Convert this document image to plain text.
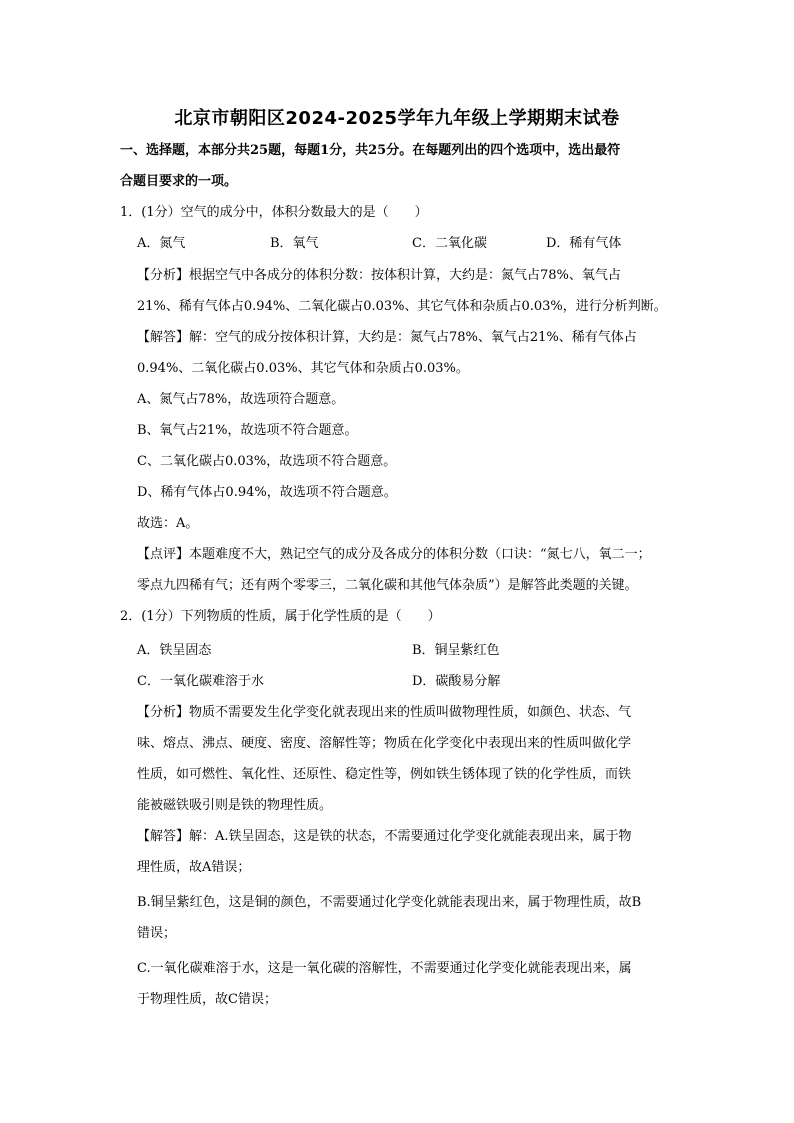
北京市朝阳区2024-2025学年九年级上学期期末试卷
一、选择题，本部分共25题，每题1分，共25分。在每题列出的四个选项中，选出最符
合题目要求的一项。
1．(1分）空气的成分中，体积分数最大的是（　　）
A．氮气	B．氧气	C．二氧化碳	D．稀有气体
【分析】根据空气中各成分的体积分数：按体积计算，大约是：氮气占78%、氧气占
21%、稀有气体占0.94%、二氧化碳占0.03%、其它气体和杂质占0.03%，进行分析判断。
【解答】解：空气的成分按体积计算，大约是：氮气占78%、氧气占21%、稀有气体占
0.94%、二氧化碳占0.03%、其它气体和杂质占0.03%。
A、氮气占78%，故选项符合题意。
B、氧气占21%，故选项不符合题意。
C、二氧化碳占0.03%，故选项不符合题意。
D、稀有气体占0.94%，故选项不符合题意。
故选：A。
【点评】本题难度不大，熟记空气的成分及各成分的体积分数（口诀：“氮七八，氧二一；
零点九四稀有气；还有两个零零三，二氧化碳和其他气体杂质”）是解答此类题的关键。
2．(1分）下列物质的性质，属于化学性质的是（　　）
A．铁呈固态	B．铜呈紫红色
C．一氧化碳难溶于水	D．碳酸易分解
【分析】物质不需要发生化学变化就表现出来的性质叫做物理性质，如颜色、状态、气
味、熔点、沸点、硬度、密度、溶解性等；物质在化学变化中表现出来的性质叫做化学
性质，如可燃性、氧化性、还原性、稳定性等，例如铁生锈体现了铁的化学性质，而铁
能被磁铁吸引则是铁的物理性质。
【解答】解：A.铁呈固态，这是铁的状态，不需要通过化学变化就能表现出来，属于物
理性质，故A错误；
B.铜呈紫红色，这是铜的颜色，不需要通过化学变化就能表现出来，属于物理性质，故B
错误；
C.一氧化碳难溶于水，这是一氧化碳的溶解性，不需要通过化学变化就能表现出来，属
于物理性质，故C错误；
